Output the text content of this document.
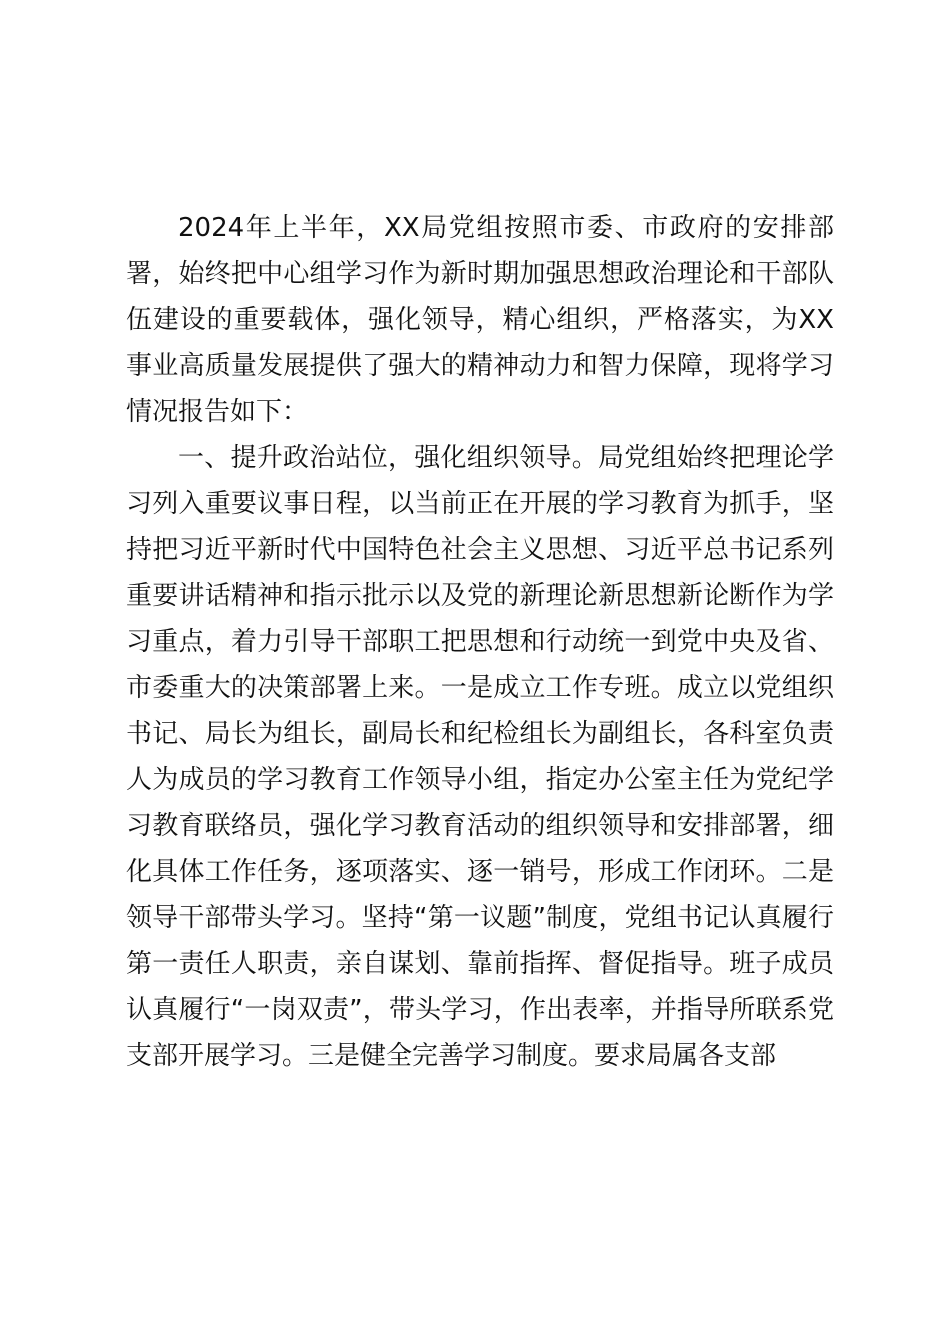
2024年上半年，XX局党组按照市委、市政府的安排部署，始终把中心组学习作为新时期加强思想政治理论和干部队伍建设的重要载体，强化领导，精心组织，严格落实，为XX事业高质量发展提供了强大的精神动力和智力保障，现将学习情况报告如下：

一、提升政治站位，强化组织领导。局党组始终把理论学习列入重要议事日程，以当前正在开展的学习教育为抓手，坚持把习近平新时代中国特色社会主义思想、习近平总书记系列重要讲话精神和指示批示以及党的新理论新思想新论断作为学习重点，着力引导干部职工把思想和行动统一到党中央及省、市委重大的决策部署上来。一是成立工作专班。成立以党组织书记、局长为组长，副局长和纪检组长为副组长，各科室负责人为成员的学习教育工作领导小组，指定办公室主任为党纪学习教育联络员，强化学习教育活动的组织领导和安排部署，细化具体工作任务，逐项落实、逐一销号，形成工作闭环。二是领导干部带头学习。坚持“第一议题”制度，党组书记认真履行第一责任人职责，亲自谋划、靠前指挥、督促指导。班子成员认真履行“一岗双责”，带头学习，作出表率，并指导所联系党支部开展学习。三是健全完善学习制度。要求局属各支部
